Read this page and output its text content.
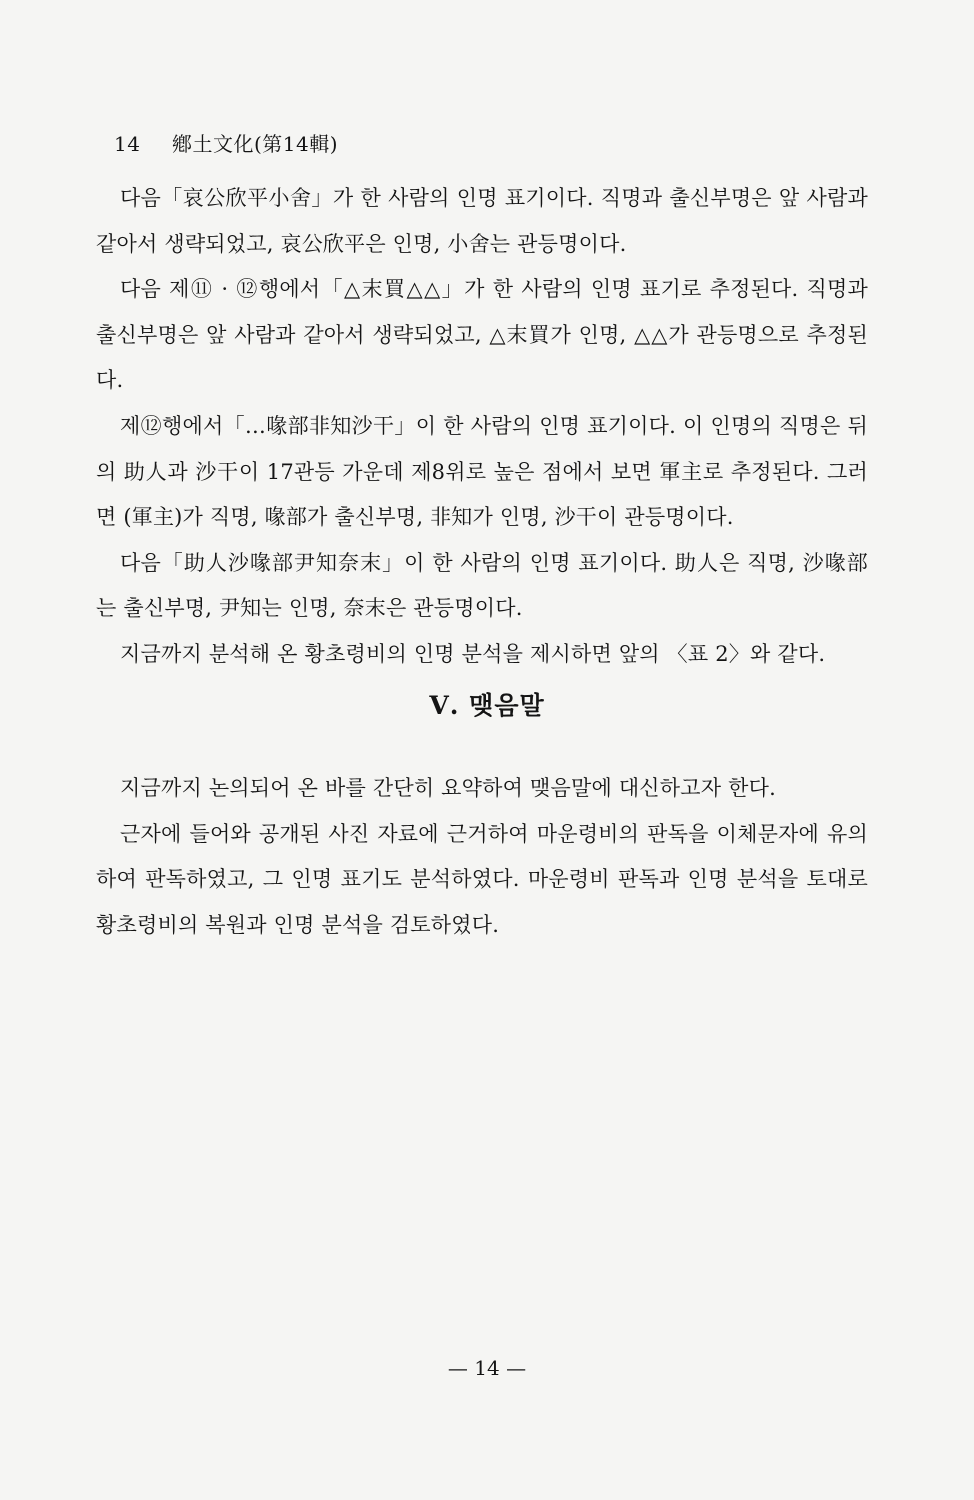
14 鄕土文化(第14輯)

다음「哀公欣平小舍」가 한 사람의 인명 표기이다. 직명과 출신부명은 앞 사람과 같아서 생략되었고, 哀公欣平은 인명, 小舍는 관등명이다.

다음 제⑪ · ⑫행에서「△末買△△」가 한 사람의 인명 표기로 추정된다. 직명과 출신부명은 앞 사람과 같아서 생략되었고, △末買가 인명, △△가 관등명으로 추정된다.

제⑫행에서「…喙部非知沙干」이 한 사람의 인명 표기이다. 이 인명의 직명은 뒤의 助人과 沙干이 17관등 가운데 제8위로 높은 점에서 보면 軍主로 추정된다. 그러면 (軍主)가 직명, 喙部가 출신부명, 非知가 인명, 沙干이 관등명이다.

다음「助人沙喙部尹知奈末」이 한 사람의 인명 표기이다. 助人은 직명, 沙喙部는 출신부명, 尹知는 인명, 奈末은 관등명이다.

지금까지 분석해 온 황초령비의 인명 분석을 제시하면 앞의 〈표 2〉와 같다.

Ⅴ. 맺음말

지금까지 논의되어 온 바를 간단히 요약하여 맺음말에 대신하고자 한다.

근자에 들어와 공개된 사진 자료에 근거하여 마운령비의 판독을 이체문자에 유의하여 판독하였고, 그 인명 표기도 분석하였다. 마운령비 판독과 인명 분석을 토대로 황초령비의 복원과 인명 분석을 검토하였다.

— 14 —
